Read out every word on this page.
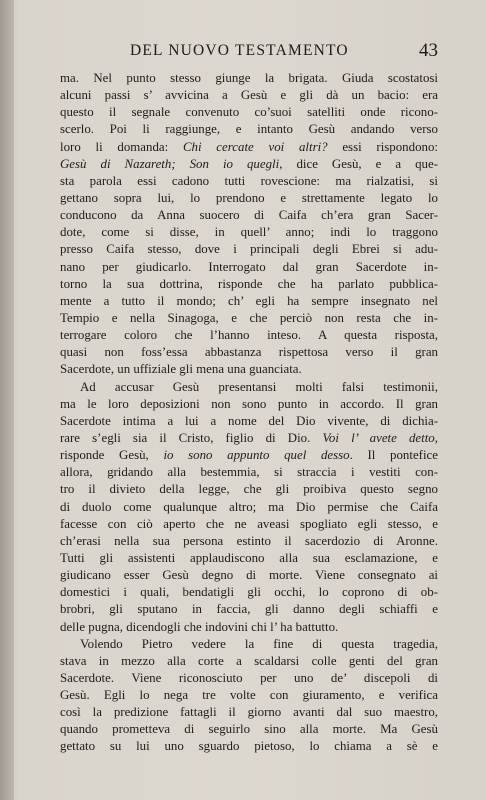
DEL NUOVO TESTAMENTO	43
ma. Nel punto stesso giunge la brigata. Giuda scostatosi
alcuni passi s’ avvicina a Gesù e gli dà un bacio: era
questo il segnale convenuto co’suoi satelliti onde ricono-
scerlo. Poi li raggiunge, e intanto Gesù andando verso
loro li domanda: Chi cercate voi altri? essi rispondono:
Gesù di Nazareth; Son io quegli, dice Gesù, e a que-
sta parola essi cadono tutti rovescione: ma rialzatisi, si
gettano sopra lui, lo prendono e strettamente legato lo
conducono da Anna suocero di Caifa ch’era gran Sacer-
dote, come si disse, in quell’ anno; indi lo traggono
presso Caifa stesso, dove i principali degli Ebrei si adu-
nano per giudicarlo. Interrogato dal gran Sacerdote in-
torno la sua dottrina, risponde che ha parlato pubblica-
mente a tutto il mondo; ch’ egli ha sempre insegnato nel
Tempio e nella Sinagoga, e che perciò non resta che in-
terrogare coloro che l’hanno inteso. A questa risposta,
quasi non foss’essa abbastanza rispettosa verso il gran
Sacerdote, un uffiziale gli mena una guanciata.
Ad accusar Gesù presentansi molti falsi testimonii,
ma le loro deposizioni non sono punto in accordo. Il gran
Sacerdote intima a lui a nome del Dio vivente, di dichia-
rare s’egli sia il Cristo, figlio di Dio. Voi l’ avete detto,
risponde Gesù, io sono appunto quel desso. Il pontefice
allora, gridando alla bestemmia, si straccia i vestiti con-
tro il divieto della legge, che gli proibiva questo segno
di duolo come qualunque altro; ma Dio permise che Caifa
facesse con ciò aperto che ne aveasi spogliato egli stesso, e
ch’erasi nella sua persona estinto il sacerdozio di Aronne.
Tutti gli assistenti applaudiscono alla sua esclamazione, e
giudicano esser Gesù degno di morte. Viene consegnato ai
domestici i quali, bendatigli gli occhi, lo coprono di ob-
brobri, gli sputano in faccia, gli danno degli schiaffi e
delle pugna, dicendogli che indovini chi l’ ha battutto.
Volendo Pietro vedere la fine di questa tragedia,
stava in mezzo alla corte a scaldarsi colle genti del gran
Sacerdote. Viene riconosciuto per uno de’ discepoli di
Gesù. Egli lo nega tre volte con giuramento, e verifica
così la predizione fattagli il giorno avanti dal suo maestro,
quando prometteva di seguirlo sino alla morte. Ma Gesù
gettato su lui uno sguardo pietoso, lo chiama a sè e
